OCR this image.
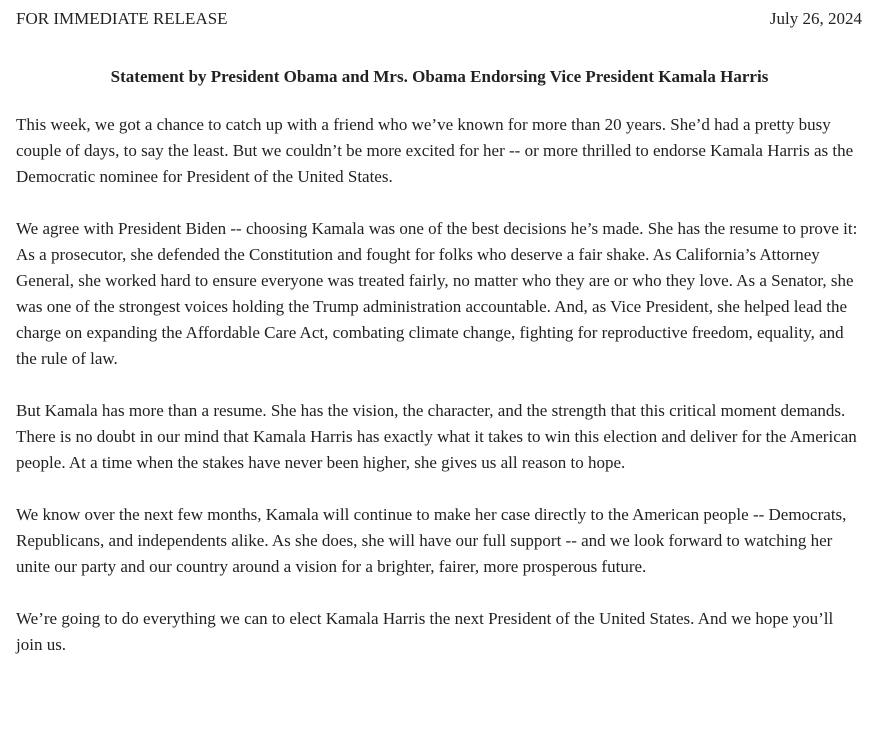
FOR IMMEDIATE RELEASE	July 26, 2024
Statement by President Obama and Mrs. Obama Endorsing Vice President Kamala Harris

This week, we got a chance to catch up with a friend who we’ve known for more than 20 years. She’d had a pretty busy couple of days, to say the least. But we couldn’t be more excited for her -- or more thrilled to endorse Kamala Harris as the Democratic nominee for President of the United States.

We agree with President Biden -- choosing Kamala was one of the best decisions he’s made. She has the resume to prove it: As a prosecutor, she defended the Constitution and fought for folks who deserve a fair shake. As California’s Attorney General, she worked hard to ensure everyone was treated fairly, no matter who they are or who they love. As a Senator, she was one of the strongest voices holding the Trump administration accountable. And, as Vice President, she helped lead the charge on expanding the Affordable Care Act, combating climate change, fighting for reproductive freedom, equality, and the rule of law.

But Kamala has more than a resume. She has the vision, the character, and the strength that this critical moment demands. There is no doubt in our mind that Kamala Harris has exactly what it takes to win this election and deliver for the American people. At a time when the stakes have never been higher, she gives us all reason to hope.

We know over the next few months, Kamala will continue to make her case directly to the American people -- Democrats, Republicans, and independents alike. As she does, she will have our full support -- and we look forward to watching her unite our party and our country around a vision for a brighter, fairer, more prosperous future.

We’re going to do everything we can to elect Kamala Harris the next President of the United States. And we hope you’ll join us.
